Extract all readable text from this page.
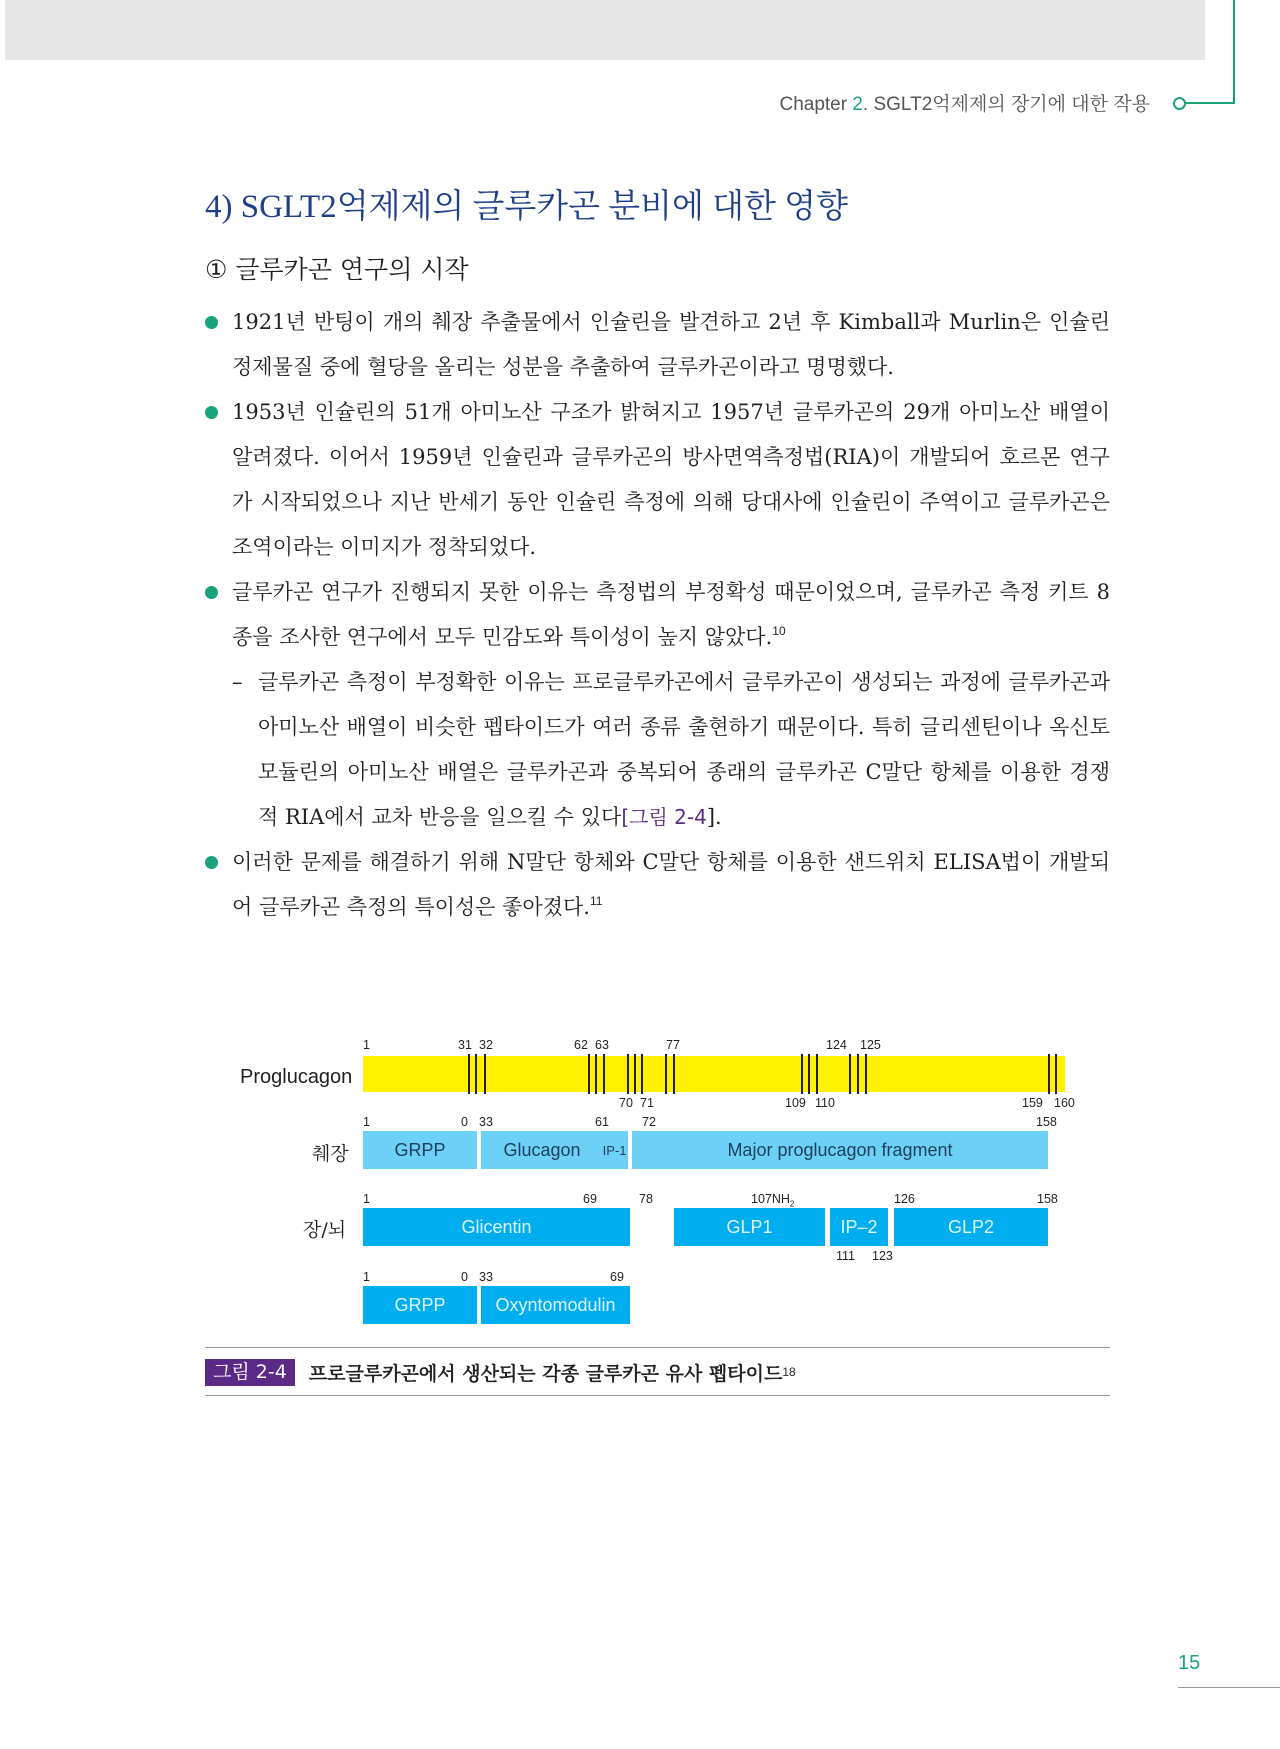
Chapter 2. SGLT2억제제의 장기에 대한 작용
4) SGLT2억제제의 글루카곤 분비에 대한 영향
① 글루카곤 연구의 시작
1921년 반팅이 개의 췌장 추출물에서 인슐린을 발견하고 2년 후 Kimball과 Murlin은 인슐린 정제물질 중에 혈당을 올리는 성분을 추출하여 글루카곤이라고 명명했다.
1953년 인슐린의 51개 아미노산 구조가 밝혀지고 1957년 글루카곤의 29개 아미노산 배열이 알려졌다. 이어서 1959년 인슐린과 글루카곤의 방사면역측정법(RIA)이 개발되어 호르몬 연구가 시작되었으나 지난 반세기 동안 인슐린 측정에 의해 당대사에 인슐린이 주역이고 글루카곤은 조역이라는 이미지가 정착되었다.
글루카곤 연구가 진행되지 못한 이유는 측정법의 부정확성 때문이었으며, 글루카곤 측정 키트 8종을 조사한 연구에서 모두 민감도와 특이성이 높지 않았다.$^{10}$
– 글루카곤 측정이 부정확한 이유는 프로글루카곤에서 글루카곤이 생성되는 과정에 글루카곤과 아미노산 배열이 비슷한 펩타이드가 여러 종류 출현하기 때문이다. 특히 글리센틴이나 옥신토모듈린의 아미노산 배열은 글루카곤과 중복되어 종래의 글루카곤 C말단 항체를 이용한 경쟁적 RIA에서 교차 반응을 일으킬 수 있다[그림 2-4].
이러한 문제를 해결하기 위해 N말단 항체와 C말단 항체를 이용한 샌드위치 ELISA법이 개발되어 글루카곤 측정의 특이성은 좋아졌다.$^{11}$
Proglucagon
췌장
장/뇌
1	31 32	62 63	77	124 125
70 71	109 110	159 160
1	0 33	61	72	158
GRPP	Glucagon IP-1	Major proglucagon fragment
1	69	78	$107NH_2$	126	158
Glicentin	GLP1	IP–2	GLP2
111 123
1	0 33	69
GRPP	Oxyntomodulin
그림 2-4	프로글루카곤에서 생산되는 각종 글루카곤 유사 펩타이드 18
15
